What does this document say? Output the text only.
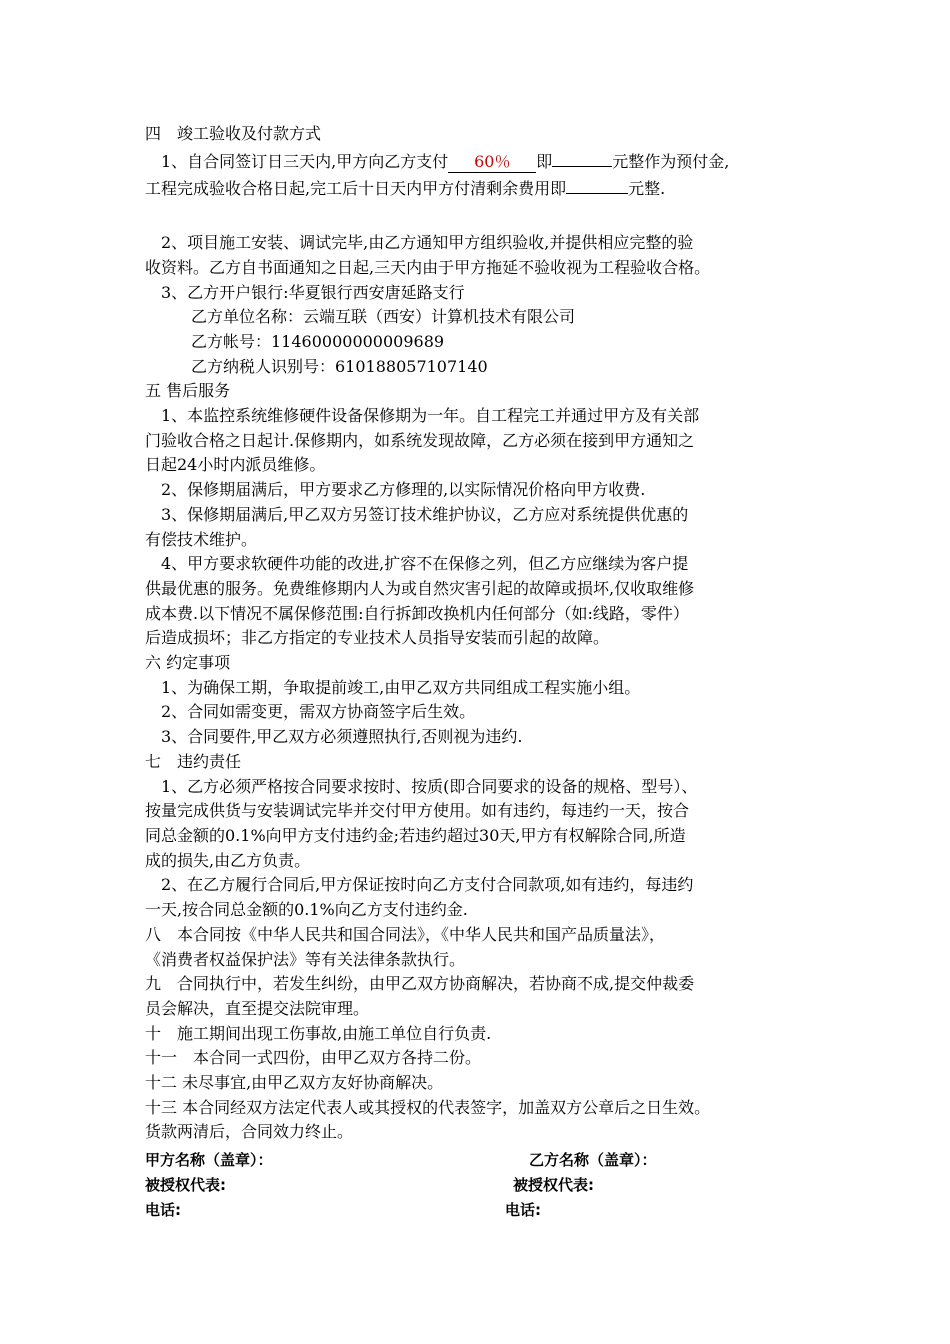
四　竣工验收及付款方式
1、自合同签订日三天内,甲方向乙方支付 60％ 即	元整作为预付金,
工程完成验收合格日起,完工后十日天内甲方付清剩余费用即	元整.
2、项目施工安装、调试完毕,由乙方通知甲方组织验收,并提供相应完整的验
收资料。乙方自书面通知之日起,三天内由于甲方拖延不验收视为工程验收合格。
3、乙方开户银行:华夏银行西安唐延路支行
乙方单位名称：云端互联（西安）计算机技术有限公司
乙方帐号：11460000000009689
乙方纳税人识别号：610188057107140
五 售后服务
1、本监控系统维修硬件设备保修期为一年。自工程完工并通过甲方及有关部
门验收合格之日起计.保修期内，如系统发现故障，乙方必须在接到甲方通知之
日起24小时内派员维修。
2、保修期届满后，甲方要求乙方修理的,以实际情况价格向甲方收费.
3、保修期届满后,甲乙双方另签订技术维护协议，乙方应对系统提供优惠的
有偿技术维护。
4、甲方要求软硬件功能的改进,扩容不在保修之列，但乙方应继续为客户提
供最优惠的服务。免费维修期内人为或自然灾害引起的故障或损坏,仅收取维修
成本费.以下情况不属保修范围:自行拆卸改换机内任何部分（如:线路，零件）
后造成损坏；非乙方指定的专业技术人员指导安装而引起的故障。
六 约定事项
1、为确保工期，争取提前竣工,由甲乙双方共同组成工程实施小组。
2、合同如需变更，需双方协商签字后生效。
3、合同要件,甲乙双方必须遵照执行,否则视为违约.
七　违约责任
1、乙方必须严格按合同要求按时、按质(即合同要求的设备的规格、型号）、
按量完成供货与安装调试完毕并交付甲方使用。如有违约，每违约一天，按合
同总金额的0.1%向甲方支付违约金;若违约超过30天,甲方有权解除合同,所造
成的损失,由乙方负责。
2、在乙方履行合同后,甲方保证按时向乙方支付合同款项,如有违约，每违约
一天,按合同总金额的0.1%向乙方支付违约金.
八　本合同按《中华人民共和国合同法》，《中华人民共和国产品质量法》，
《消费者权益保护法》等有关法律条款执行。
九　合同执行中，若发生纠纷，由甲乙双方协商解决，若协商不成,提交仲裁委
员会解决，直至提交法院审理。
十　施工期间出现工伤事故,由施工单位自行负责.
十一　本合同一式四份，由甲乙双方各持二份。
十二 未尽事宜,由甲乙双方友好协商解决。
十三 本合同经双方法定代表人或其授权的代表签字，加盖双方公章后之日生效。
货款两清后，合同效力终止。
甲方名称（盖章）：	乙方名称（盖章）：
被授权代表:	被授权代表:
电话:	电话:
